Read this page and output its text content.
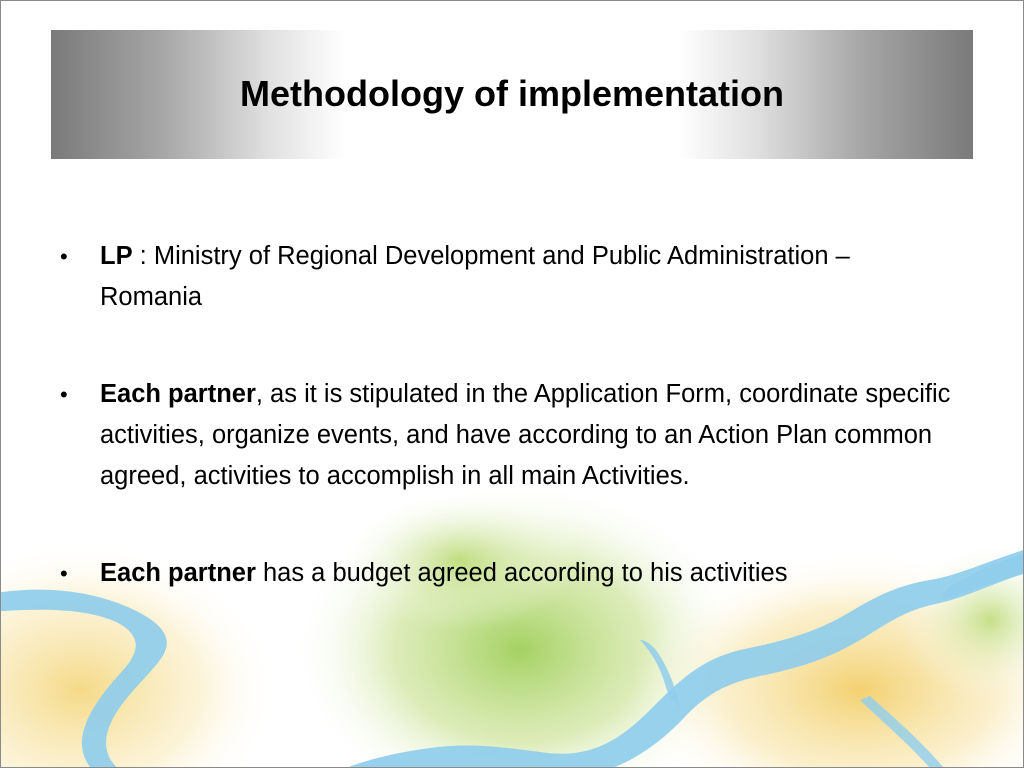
Methodology of implementation
• LP : Ministry of Regional Development and Public Administration – Romania
• Each partner, as it is stipulated in the Application Form, coordinate specific activities, organize events, and have according to an Action Plan common agreed, activities to accomplish in all main Activities.
• Each partner has a budget agreed according to his activities
